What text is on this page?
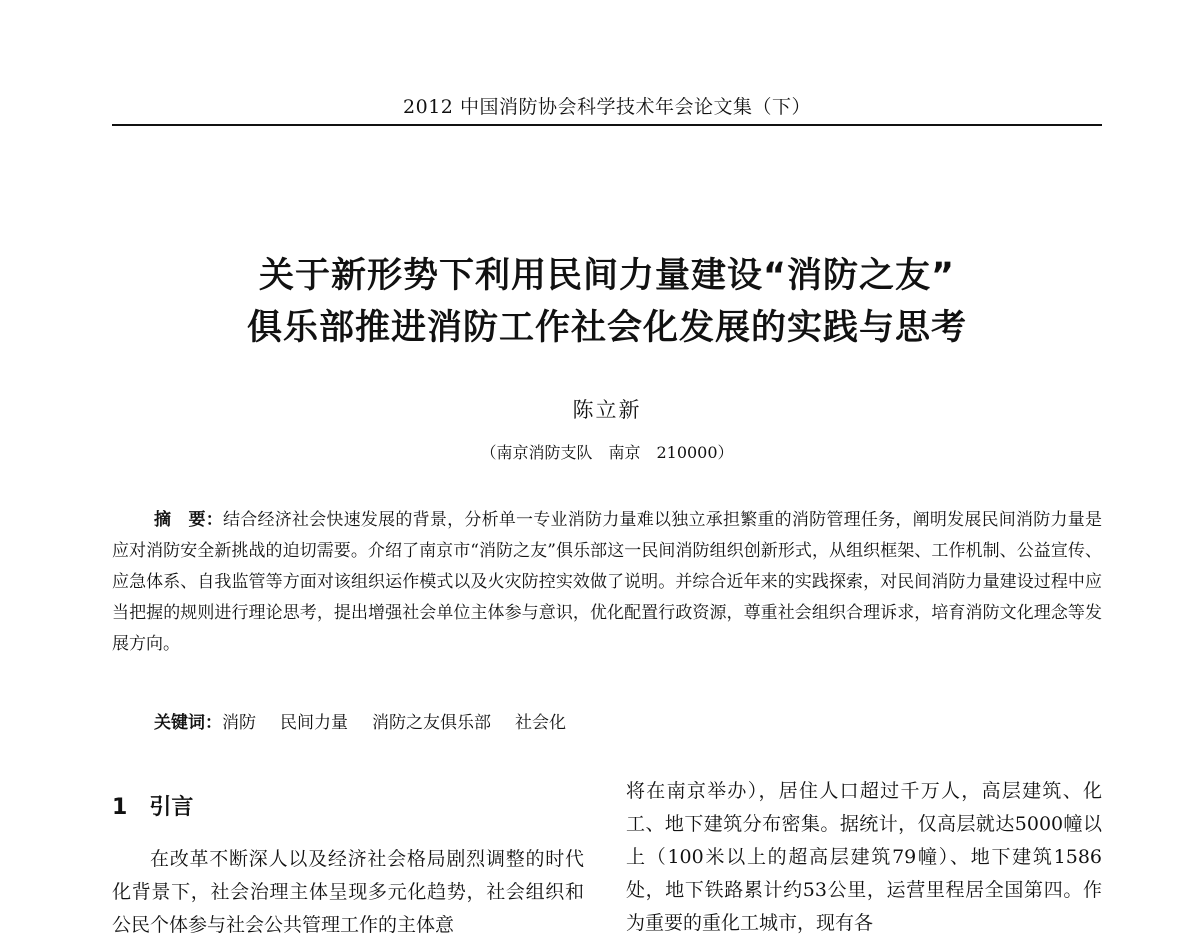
2012 中国消防协会科学技术年会论文集（下）
关于新形势下利用民间力量建设“消防之友”
俱乐部推进消防工作社会化发展的实践与思考
陈立新
（南京消防支队　南京　210000）

摘　要：结合经济社会快速发展的背景，分析单一专业消防力量难以独立承担繁重的消防管理任务，阐明发展民间消防力量是应对消防安全新挑战的迫切需要。介绍了南京市“消防之友”俱乐部这一民间消防组织创新形式，从组织框架、工作机制、公益宣传、应急体系、自我监管等方面对该组织运作模式以及火灾防控实效做了说明。并综合近年来的实践探索，对民间消防力量建设过程中应当把握的规则进行理论思考，提出增强社会单位主体参与意识，优化配置行政资源，尊重社会组织合理诉求，培育消防文化理念等发展方向。

关键词：消防 民间力量 消防之友俱乐部 社会化
1 引言

在改革不断深人以及经济社会格局剧烈调整的时代化背景下，社会治理主体呈现多元化趋势，社会组织和公民个体参与社会公共管理工作的主体意

将在南京举办），居住人口超过千万人，高层建筑、化工、地下建筑分布密集。据统计，仅高层就达5000幢以上（100米以上的超高层建筑79幢）、地下建筑1586处，地下铁路累计约53公里，运营里程居全国第四。作为重要的重化工城市，现有各
